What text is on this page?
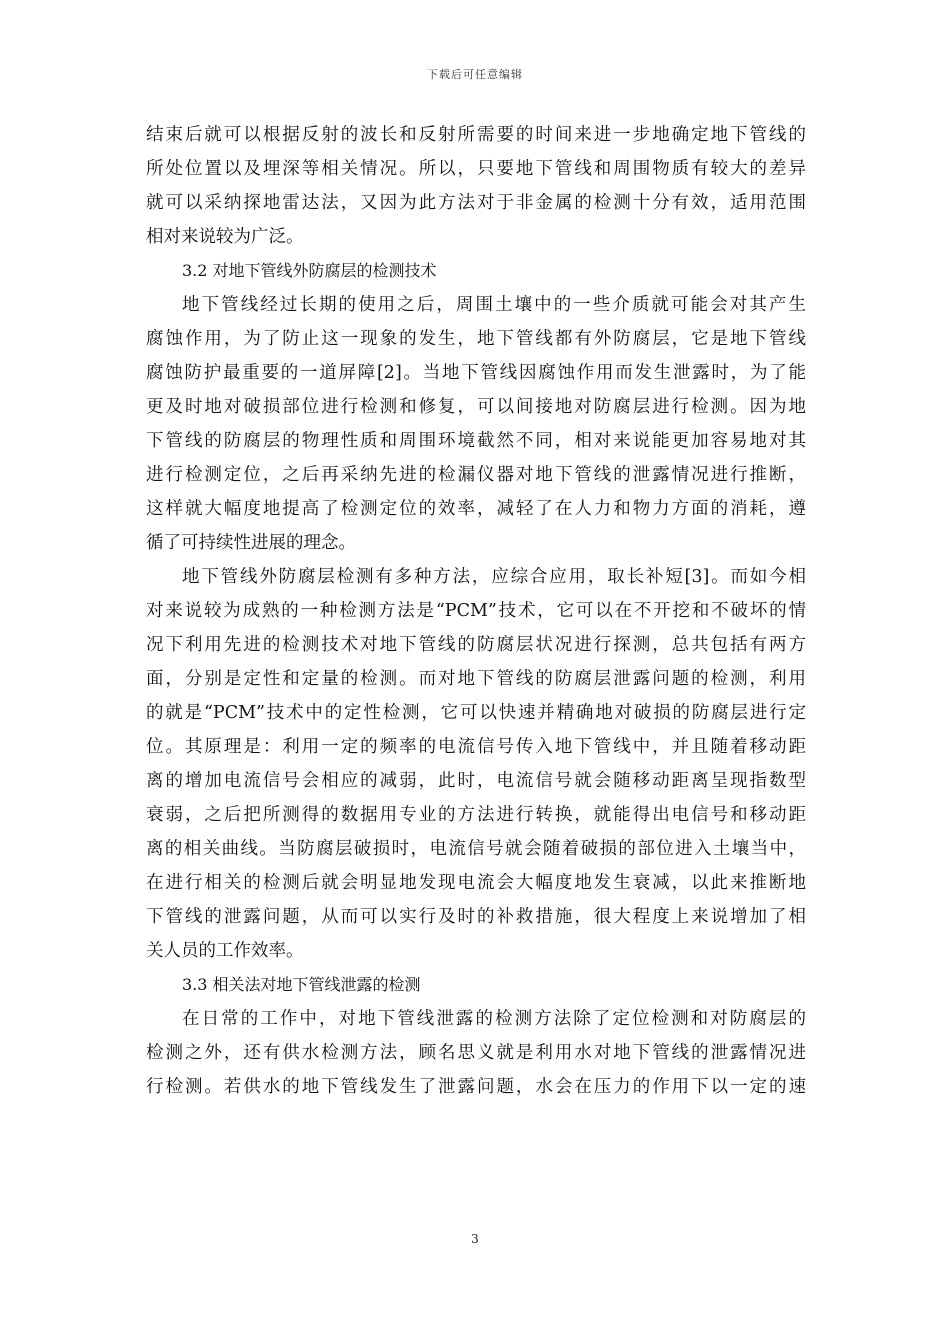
下载后可任意编辑
结束后就可以根据反射的波长和反射所需要的时间来进一步地确定地下管线的
所处位置以及埋深等相关情况。所以，只要地下管线和周围物质有较大的差异
就可以采纳探地雷达法，又因为此方法对于非金属的检测十分有效，适用范围
相对来说较为广泛。
3.2 对地下管线外防腐层的检测技术
地下管线经过长期的使用之后，周围土壤中的一些介质就可能会对其产生
腐蚀作用，为了防止这一现象的发生，地下管线都有外防腐层，它是地下管线
腐蚀防护最重要的一道屏障[2]。当地下管线因腐蚀作用而发生泄露时，为了能
更及时地对破损部位进行检测和修复，可以间接地对防腐层进行检测。因为地
下管线的防腐层的物理性质和周围环境截然不同，相对来说能更加容易地对其
进行检测定位，之后再采纳先进的检漏仪器对地下管线的泄露情况进行推断，
这样就大幅度地提高了检测定位的效率，减轻了在人力和物力方面的消耗，遵
循了可持续性进展的理念。
地下管线外防腐层检测有多种方法，应综合应用，取长补短[3]。而如今相
对来说较为成熟的一种检测方法是“PCM”技术，它可以在不开挖和不破坏的情
况下利用先进的检测技术对地下管线的防腐层状况进行探测，总共包括有两方
面，分别是定性和定量的检测。而对地下管线的防腐层泄露问题的检测，利用
的就是“PCM”技术中的定性检测，它可以快速并精确地对破损的防腐层进行定
位。其原理是：利用一定的频率的电流信号传入地下管线中，并且随着移动距
离的增加电流信号会相应的减弱，此时，电流信号就会随移动距离呈现指数型
衰弱，之后把所测得的数据用专业的方法进行转换，就能得出电信号和移动距
离的相关曲线。当防腐层破损时，电流信号就会随着破损的部位进入土壤当中，
在进行相关的检测后就会明显地发现电流会大幅度地发生衰减，以此来推断地
下管线的泄露问题，从而可以实行及时的补救措施，很大程度上来说增加了相
关人员的工作效率。
3.3 相关法对地下管线泄露的检测
在日常的工作中，对地下管线泄露的检测方法除了定位检测和对防腐层的
检测之外，还有供水检测方法，顾名思义就是利用水对地下管线的泄露情况进
行检测。若供水的地下管线发生了泄露问题，水会在压力的作用下以一定的速
3
